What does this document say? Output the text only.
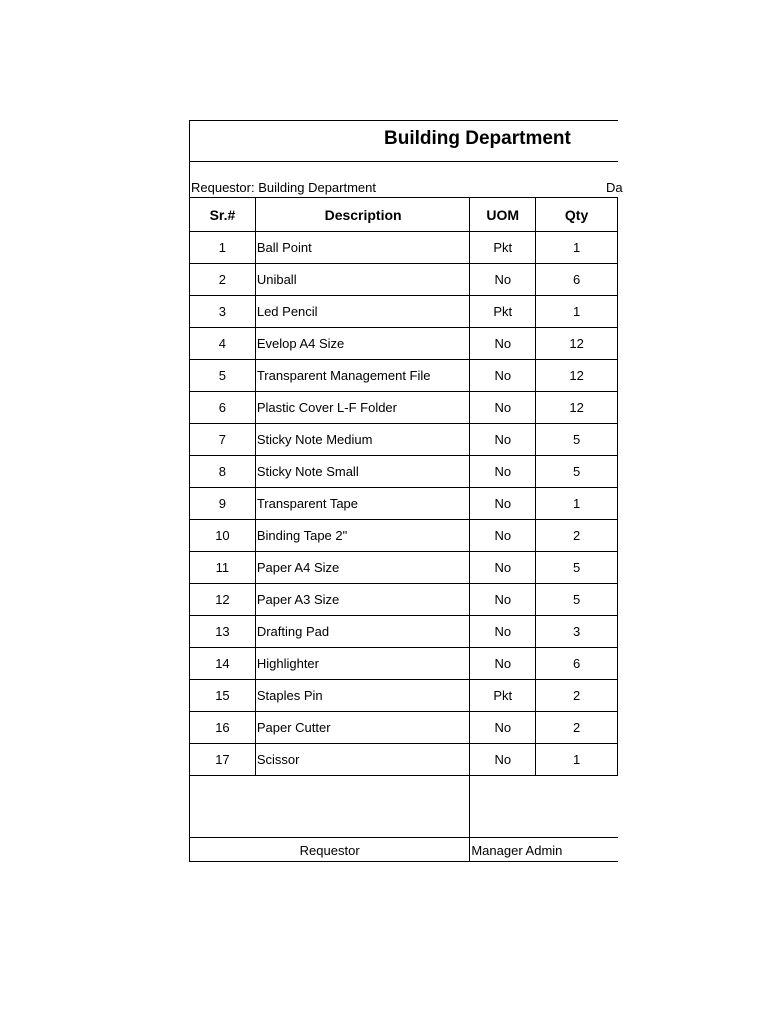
Building Department
Requestor: Building Department	Da
Sr.#	Description	UOM	Qty
1	Ball Point	Pkt	1
2	Uniball	No	6
3	Led Pencil	Pkt	1
4	Evelop A4 Size	No	12
5	Transparent Management File	No	12
6	Plastic Cover L-F Folder	No	12
7	Sticky Note Medium	No	5
8	Sticky Note Small	No	5
9	Transparent Tape	No	1
10	Binding Tape 2"	No	2
11	Paper A4 Size	No	5
12	Paper A3 Size	No	5
13	Drafting Pad	No	3
14	Highlighter	No	6
15	Staples Pin	Pkt	2
16	Paper Cutter	No	2
17	Scissor	No	1
Requestor	Manager Admin
